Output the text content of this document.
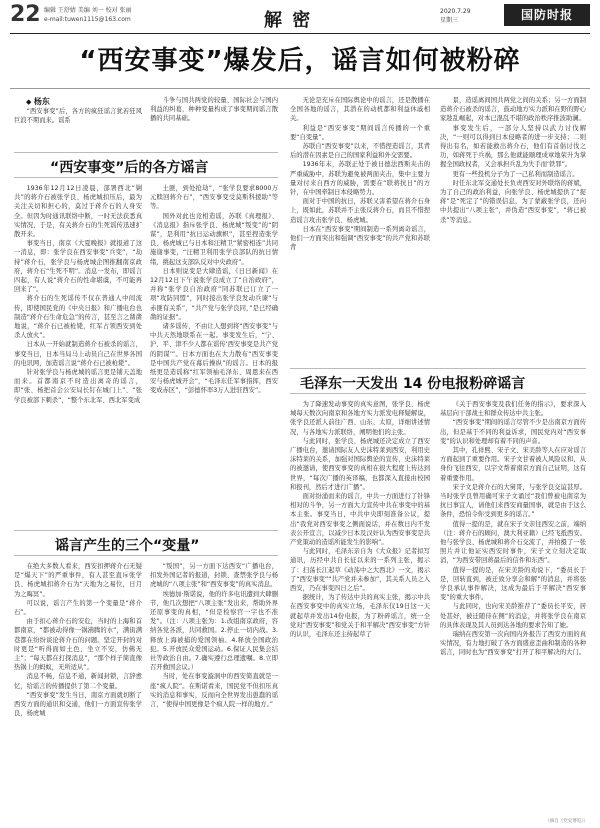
22 编辑 王舒婧 美编 刘一 校对 张丽
e-mail:tuwen1115@163.com	解 密	2020.7.29
星期三	国防时报
“西安事变”爆发后，谣言如何被粉碎

◆ 杨东

“西安事变”后，各方的疯狂谣言犹若狂风巨浪不期而来。谣系

斗争与国共两党的较量、国际社会与国内利益的纠葛，种种变量构成了事变期间谣言散播的共同基础。

“西安事变”后的各方谣言

1936年12月12日凌晨，部署西北“剿共”的蒋介石被张学良、杨虎城扣压后，最为关注关切和担心的，莫过于蒋介石的人身安全。但因为时通讯联络中断，一时无法获悉真实情况，于是，有关蒋介石的生死谣传迅速扩散开来。

事变当日，南京《大夏晚报》就报道了这一消息，即：张学良在西安事变“兵变”，“劫持”蒋介石，张学良与杨虎城企图推翻南京政府，蒋介石“生死不明”。消息一发布，即谣言四起，有人说“蒋介石的性命堪虞，不可能再回来了”。

蒋介石的生死谣传不仅在普通人中间流传，即使国民党的《中央日报》和广播电台也制造“蒋介石生命危急”的传言，甚至言之凿凿地说，“蒋介石已被枪毙，红军占领西安到处杀人放火”。

日本从一开始就制造蒋介石被杀的谣言，事变当日，日本当局马上动员自己在世界各国的电讯网，加造谣言说“蒋介石已被枪毙”。

针对张学良与杨虎城的谣言更是铺天盖地而来。首都南京不时造出离奇的谣言，即“张、杨把首会公安局长钉在城门上”、“张学良被部下刺杀”，“整个东北军、西北军变成

土匪，到处抢劫”，“张学良要求8000万元赎回蒋介石”，“西安事变受莫斯科援助”等等。

国外对此也竞相造谣，苏联《真理报》、《消息报》指斥张学良、杨虎城“叛变”的“阴谋”，是利用“抗日运动旗帜”，甚至捏造张学良、杨虎城已与日本和汪精卫“紧密相连”共同施谢事变，“汪精卫利用张学良部队的抗日情绪，挑起这支部队反对中央政府”。

日本则说变是大肆造谣，《日日新闻》在12月12日下午说张学良成立了“自治政府”，并称“张学良自治政府”同苏联已订立了一项“攻防同盟”，同时接出张学良发动兵谏“与赤匪有关系”，“共产党与张学良同，”是已经确凿的证据”。

诸多谣传，不由让人想到将“西安事变”与中共天然地联系在一起。事变发生后，“宁、沪、平、津不少人都在谣传‘西安事变是共产党的阴谋’”。日本方面也在大力散布“西安事变是中国共产党在幕后操纵”的谣言。日本的报纸更是造谣称“红军领袖毛泽东、周恩来在西安与杨虎城开会”，“毛泽东任军事指挥，西安变成赤区”，“彭德怀率3万人进驻西安”。

谣言产生的三个“变量”

在绝大多数人看来，西安扣押蒋介石无疑是“爆天下”的严重事件，有人甚至直斥张学良、杨虎城扣蒋介石为“天地为之易位，日月为之晦冥”。

可以说，谣言产生的第一个变量是“蒋介石”。

由于扣心蒋介石的安危，当时的上海和首都南京，“都被动得像一锅沸腾的水”，满街满巷都在纷纷谈论蒋介石的问题。坚定开封的对时更是“听得面如土色，坐立不安，仿佛无主”；“每天都在打探消息”，“那个样子简直像热锅上的蚂蚁，无所适从”。

消息不畅，信息不通，新闻封锁，言辞愈忆，给谣言的传播提供了第二个变量。

“西安事变”发生当日，南京方面就切断了西安方面的通讯和交通，他们一方面宣传张学良，杨虎城

“叛国”，另一方面下达西安“广播电台，扣发外国记者的报道，封锁、查禁张学良与杨虎城的“八项主张”和“西安事变”的真实消息。

埃德加·斯诺说，他的许多电讯遭到大肆删节，他几次想把“八项主张”发出来，帮助外界还原事变的真相，“但是检察官一字也不准发”。（注：八项主张为：1.改组南京政府，容纳各党各派，共同救国。2.停止一切内战。3.释放上海被捕的爱国领袖。4.释放全国政治犯。5.开放民众爱国运动。6.保证人民集会结社等政治自由。7.确实遵行总理遗嘱。8.立即召开救国会议。）

当时，处在事变漩涡中的西安简直就是一座“疯人院”。在斯诺看来，国民党不但扣压真实的消息和事实，反而向全世界发出愚蠢的谣言，“使得中国更像是个疯人院一样的地方。”

无论是充斥在国际舆论中的谣言，还是散播在全国各地的谣言，其潜在的动机都和利益休戚相关。

利益是“西安事变”期间谣言传播的一个重要“自变量”。

苏联自“西安事变”以来，不惜捏造谣言，其背后的潜在因素是自己的国家利益和外交需要。

1936年末，苏联正处于被日德法西斯夹击的严重威胁中，苏联为避免被两面夹击，集中主要力量对付来自西方的威胁，需要在“联蒋抗日”的方针，在中国牵制日本侵略势力。

面对于中国的抗日，苏联又害希望在蒋介石身上，既如此，苏联并不主张反蒋介石，而且不惜捏造谣言攻击张学良、杨虎城。

日本在“西安事变”期间制造一系列离奇谣言，他们一方面突出和强调“西安事变”的共产党和苏联背

景，造谣离间国共两党之间的关系；另一方面制造蒋介石被杀的谣言，鼓动地方实力派和在野的野心家趁乱崛起，对本已混乱不堪的政治秩序推波助澜。

事变发生后，一部分人坚持以武力讨伐解决，“一则可以得到日本侵略者的进一步支持；二则得出有名，如若能救出蒋介石，他们有首倡讨伐之功，如蒋死于兵祸，那么他就能顺理成章地荣升为掌握全国政权者，又会承担兵乱为失手而‘铁罪”。

更有一些投机分子为了一己私利而制造谣言。

时任东北军交通处长负责西安对外联络的蒋斌，为了自己的政治利益，向张学良、杨虎城提供了“捉蒋”是“死定了”的错误信息，为了蒙蔽张学良，还向中共提出“八项主张”，并伪造“西安事变”，“蒋已被杀”等消息。

毛泽东一天发出 14 份电报粉碎谣言

为了降速发动事变的真实意图，张学良、杨虎城每天数次向南京和各地方实力派发电释疑解说，张学良还派人前往广西、山东、太原，详细讲述情况，与各地实力派联络，阐明他们的主张。

与此同时，张学良、杨虎城还决定成立了西安广播电台，邀请国际友人史沫特莱到西安，利用史沫特莱的关系，加强对国际舆论的宣传，史沫特莱的被邀请，使西安事变的真相在很大程度上传达到世界，“每次广播的英译稿，也都深入直接由校园和报刊，然后才进行广播”。

面对纷涌而来的谣言，中共一方面进行了针锋相对的斗争，另一方面大力宣传中共在事变中的基本主张。事变当日，中共中央即刻准备公议，提出“我党对西安事变之侧面说话，并在数日内不发表公开宣言，以减少日本及汉奸认为西安事变是共产党策动的造谣所能发生的影响”。

与此同时，毛泽东亲自为《大众报》记者拟写通讯，历经中共自长征以来的一系列主张，揭示了：扫荡长江起草《动荡中之大西北》一文，揭示了“西安事变”“共产党并未参加”，其关系人员之入西安，乃在事变四日之后”。

据统计，为了传达中共的真实主张，揭示中共在西安事变中的真实立场，毛泽东仅19日这一天就起草并发出14份电报，为了粉碎谣言，统一全党对“西安事变”和党关于和平解决“西安事变”方针的认识，毛泽东还主持起草了

《关于西安事变及我们任务的指示》，要求深入基层向干部战士和群众传达中共主张。

“西安事变”期间的谣言尽管不少是出南京方面传出，但是基于不同的利益诉求，国民党内对“西安事变”的认识和处理却有着不同的声音。

其中，孔祥熙、宋子文、宋美龄等人在应对谣言方面起到了重要作用。宋子文甘着被人风险议和，从身份飞往西安，以宇文帮着南京方面自己证明，这有着重要作用。

宋子文是蒋介石的大舅哥，与张学良交谊甚厚。当时张学良曾用确可宋子文诵过“我们曾被电南京为抗日事宜人，请他们来西安商量国事，就是由于这么条件，恐怕令你受到更多的谣言。”

值得一提的是，就在宋子文亲往西安之前，端纳（注：蒋介石的顾问，澳大利亚籍）已经飞抵西安。他与张学良、杨虎城和蒋介石交流了，并拍摄了一张照片并让他证实西安时事件，宋子文立刻决定取消，“为西安带回蒋最后的信件和东西”。

值得一提的是，在宋美龄的劝说下，“委员长于是，回转直到，被迁致分享会和解”的消息，并将张学良承认事件解决，这成为最后于平解决“西安事变”的重大事件。

与此同时，也向宋美龄推荐了“委员长平安，居处甚好，被迁随侍在侧”的消息，并将张学良在南京的具体表现及其人员到达各地的要求告知了她。

瑞纳在西安第一次向国内外报告了西安方面的真实情况，有力地打破了各方面盛意歪曲和制造的各种谣言，同时也为“西安事变”打开了和平解决的大门。

（摘自《党史博览》）
